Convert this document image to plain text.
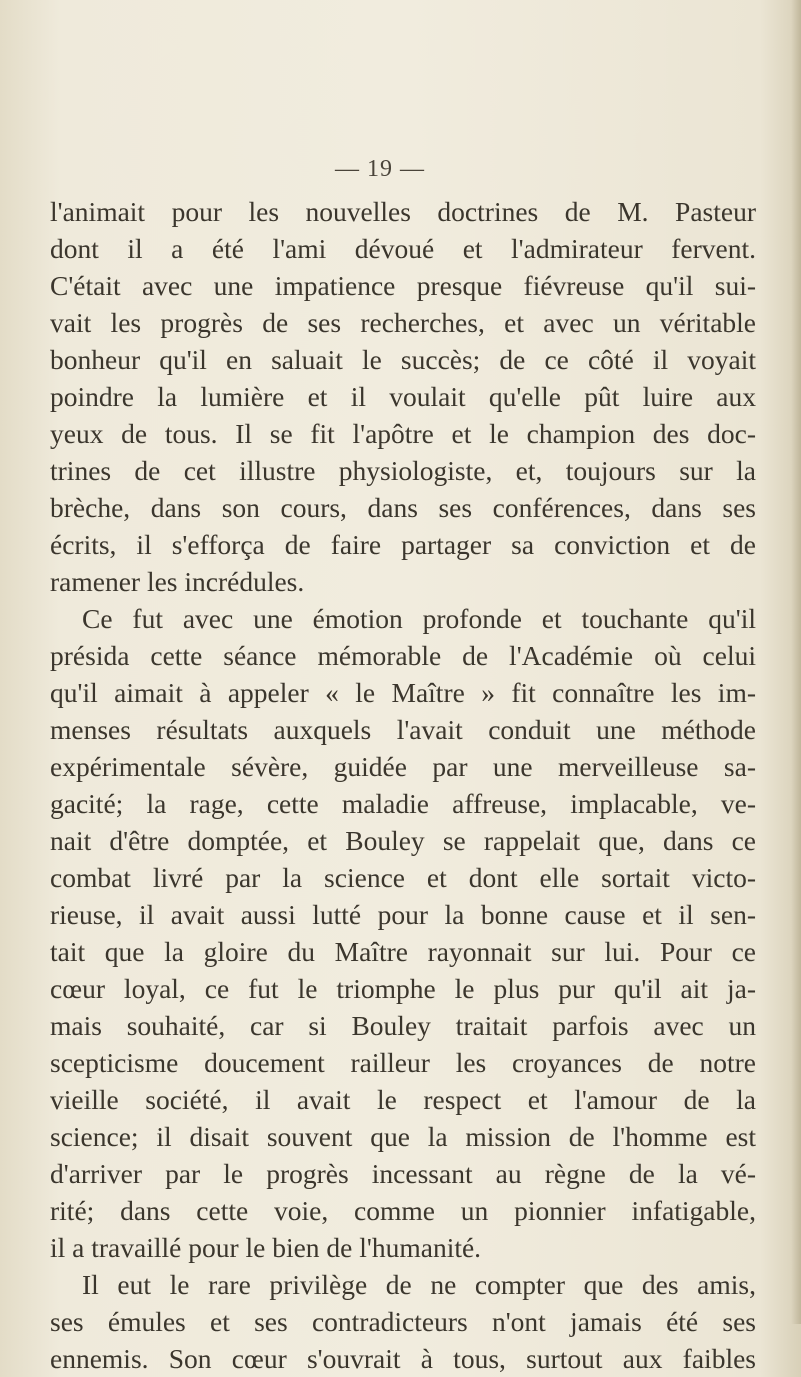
— 19 —
l'animait pour les nouvelles doctrines de M. Pasteur
dont il a été l'ami dévoué et l'admirateur fervent.
C'était avec une impatience presque fiévreuse qu'il sui-
vait les progrès de ses recherches, et avec un véritable
bonheur qu'il en saluait le succès; de ce côté il voyait
poindre la lumière et il voulait qu'elle pût luire aux
yeux de tous. Il se fit l'apôtre et le champion des doc-
trines de cet illustre physiologiste, et, toujours sur la
brèche, dans son cours, dans ses conférences, dans ses
écrits, il s'efforça de faire partager sa conviction et de
ramener les incrédules.
Ce fut avec une émotion profonde et touchante qu'il
présida cette séance mémorable de l'Académie où celui
qu'il aimait à appeler « le Maître » fit connaître les im-
menses résultats auxquels l'avait conduit une méthode
expérimentale sévère, guidée par une merveilleuse sa-
gacité; la rage, cette maladie affreuse, implacable, ve-
nait d'être domptée, et Bouley se rappelait que, dans ce
combat livré par la science et dont elle sortait victo-
rieuse, il avait aussi lutté pour la bonne cause et il sen-
tait que la gloire du Maître rayonnait sur lui. Pour ce
cœur loyal, ce fut le triomphe le plus pur qu'il ait ja-
mais souhaité, car si Bouley traitait parfois avec un
scepticisme doucement railleur les croyances de notre
vieille société, il avait le respect et l'amour de la
science; il disait souvent que la mission de l'homme est
d'arriver par le progrès incessant au règne de la vé-
rité; dans cette voie, comme un pionnier infatigable,
il a travaillé pour le bien de l'humanité.
Il eut le rare privilège de ne compter que des amis,
ses émules et ses contradicteurs n'ont jamais été ses
ennemis. Son cœur s'ouvrait à tous, surtout aux faibles
